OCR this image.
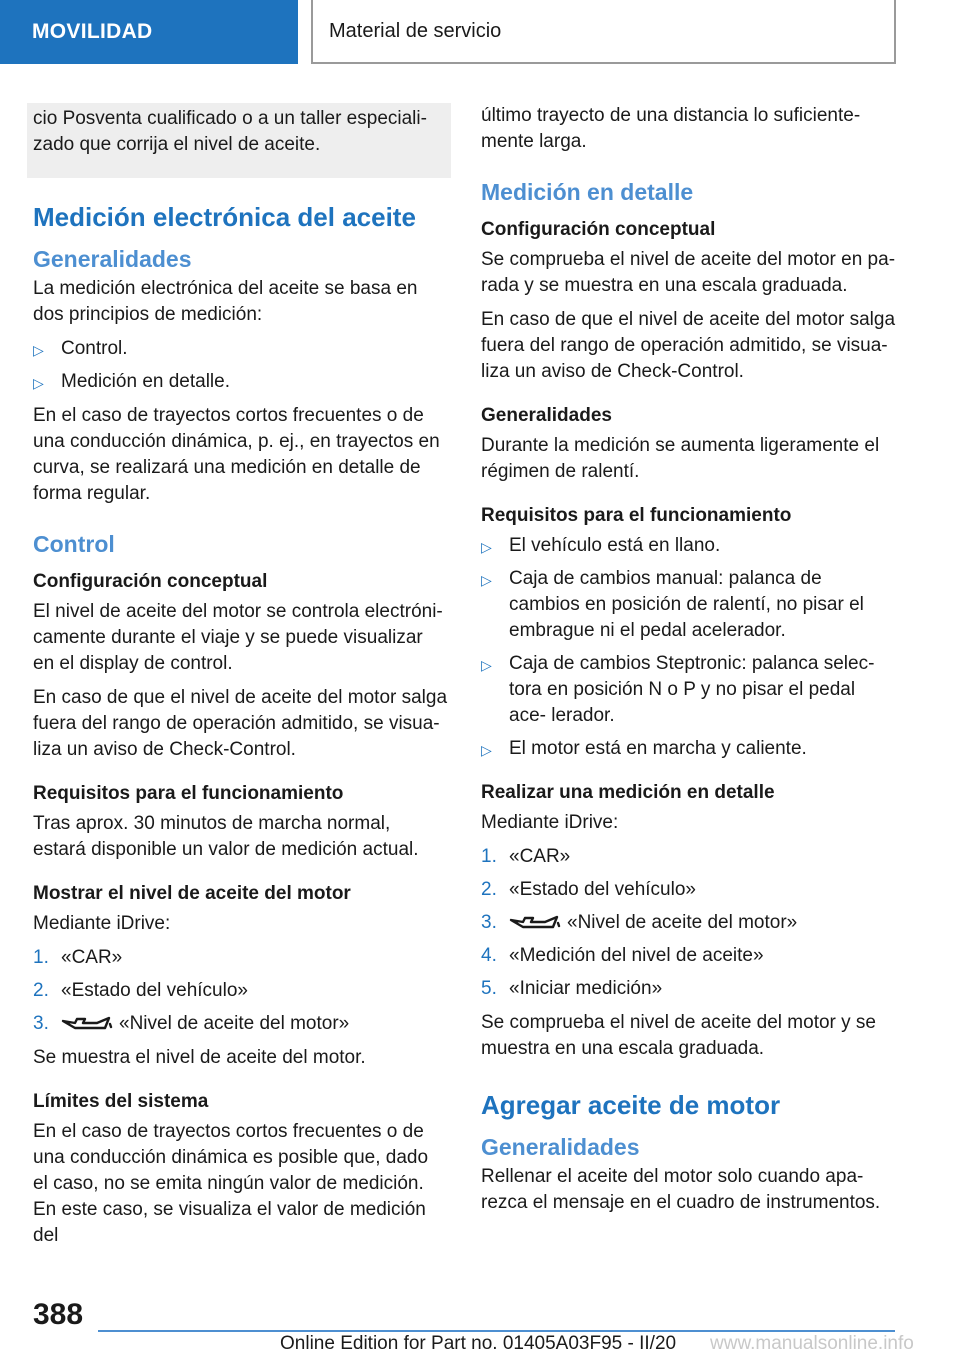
MOVILIDAD	Material de servicio
cio Posventa cualificado o a un taller especiali- zado que corrija el nivel de aceite.
Medición electrónica del aceite
Generalidades

La medición electrónica del aceite se basa en dos principios de medición:

▷ Control.
▷ Medición en detalle.

En el caso de trayectos cortos frecuentes o de una conducción dinámica, p. ej., en trayectos en curva, se realizará una medición en detalle de forma regular.

Control
Configuración conceptual

El nivel de aceite del motor se controla electróni- camente durante el viaje y se puede visualizar en el display de control.

En caso de que el nivel de aceite del motor salga fuera del rango de operación admitido, se visua- liza un aviso de Check-Control.

Requisitos para el funcionamiento

Tras aprox. 30 minutos de marcha normal, estará disponible un valor de medición actual.

Mostrar el nivel de aceite del motor

Mediante iDrive:

1. «CAR»
2. «Estado del vehículo»
3.	«Nivel de aceite del motor»

Se muestra el nivel de aceite del motor.

Límites del sistema

En el caso de trayectos cortos frecuentes o de una conducción dinámica es posible que, dado el caso, no se emita ningún valor de medición. En este caso, se visualiza el valor de medición del

último trayecto de una distancia lo suficiente- mente larga.

Medición en detalle
Configuración conceptual

Se comprueba el nivel de aceite del motor en pa- rada y se muestra en una escala graduada.

En caso de que el nivel de aceite del motor salga fuera del rango de operación admitido, se visua- liza un aviso de Check-Control.

Generalidades

Durante la medición se aumenta ligeramente el régimen de ralentí.

Requisitos para el funcionamiento
▷ El vehículo está en llano.
▷ Caja de cambios manual: palanca de cambios en posición de ralentí, no pisar el embrague ni el pedal acelerador.
▷ Caja de cambios Steptronic: palanca selec- tora en posición N o P y no pisar el pedal ace- lerador.
▷ El motor está en marcha y caliente.
Realizar una medición en detalle

Mediante iDrive:

1. «CAR»
2. «Estado del vehículo»
3.	«Nivel de aceite del motor»
4. «Medición del nivel de aceite»
5. «Iniciar medición»

Se comprueba el nivel de aceite del motor y se muestra en una escala graduada.

Agregar aceite de motor
Generalidades

Rellenar el aceite del motor solo cuando apa- rezca el mensaje en el cuadro de instrumentos.

388
Online Edition for Part no. 01405A03F95 - II/20 www.manualsonline.info
